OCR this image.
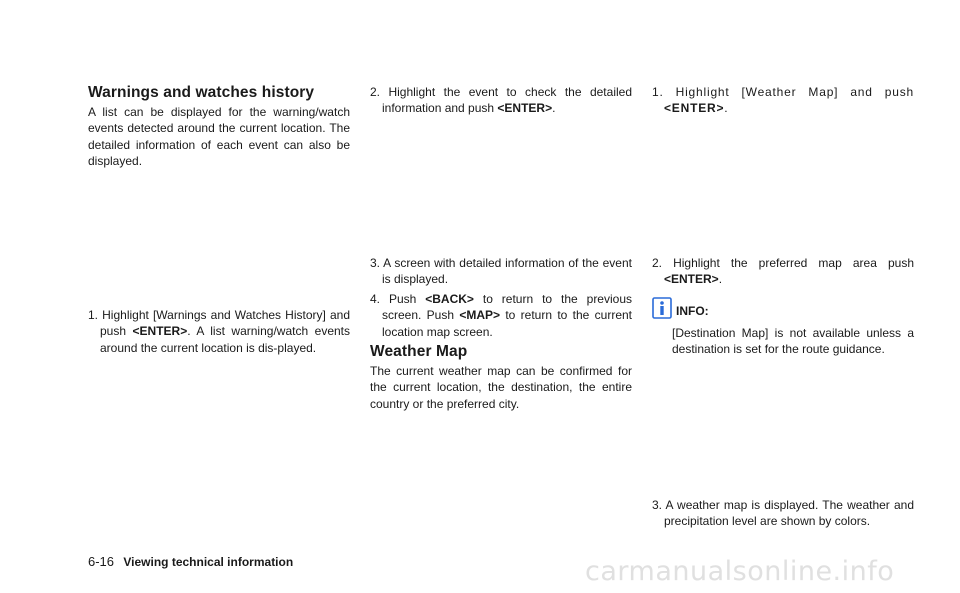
Warnings and watches history

A list can be displayed for the warning/watch events detected around the current location. The detailed information of each event can also be displayed.

1. Highlight [Warnings and Watches History] and push <ENTER>. A list warning/watch events around the current location is dis-played.

2. Highlight the event to check the detailed information and push <ENTER>.

3. A screen with detailed information of the event is displayed.

4. Push <BACK> to return to the previous screen. Push <MAP> to return to the current location map screen.

Weather Map

The current weather map can be confirmed for the current location, the destination, the entire country or the preferred city.

1. Highlight [Weather Map] and push <ENTER>.

2. Highlight the preferred map area push <ENTER>.

INFO:

[Destination Map] is not available unless a destination is set for the route guidance.

3. A weather map is displayed. The weather and precipitation level are shown by colors.

6-16 Viewing technical information	carmanualsonline.info
